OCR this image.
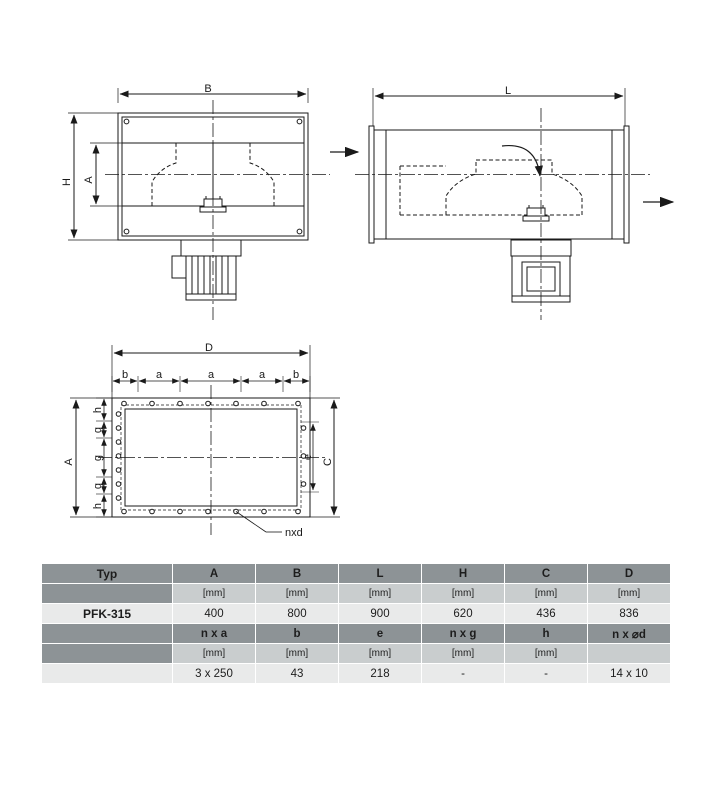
B
H A
L
D
b	a	a	a	b
A
h
g
g
g
h
e
C
nxd
Typ	A	B	L	H	C	D
	[mm]	[mm]	[mm]	[mm]	[mm]	[mm]
PFK-315	400	800	900	620	436	836
	n x a	b	e	n x g	h	n x ⌀d
	[mm]	[mm]	[mm]	[mm]	[mm]	
	3 x 250	43	218	-	-	14 x 10
